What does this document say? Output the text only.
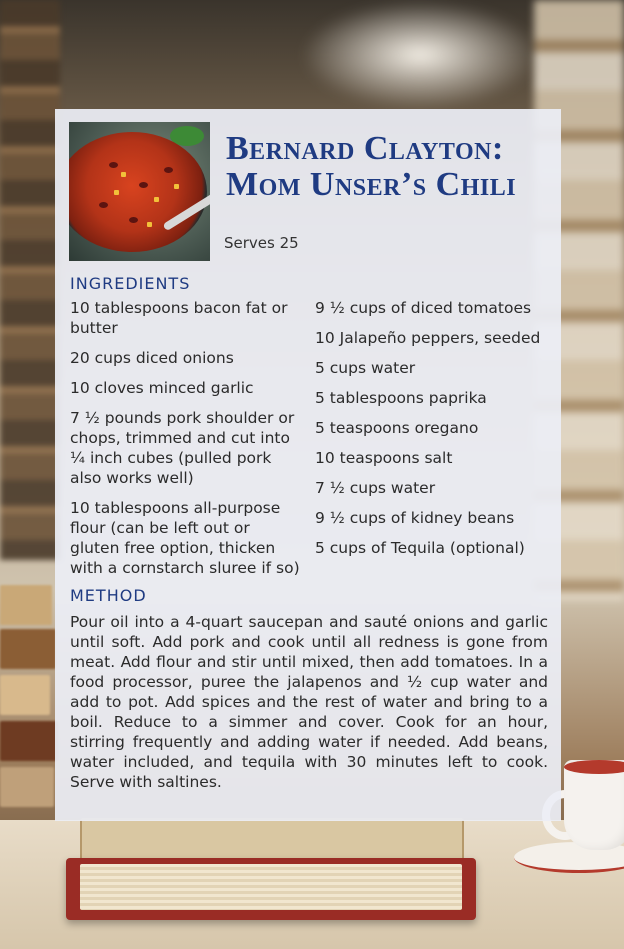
Bernard Clayton: Mom Unser’s Chili
Serves 25
INGREDIENTS
10 tablespoons bacon fat or butter
20 cups diced onions
10 cloves minced garlic
7 ½ pounds pork shoulder or chops, trimmed and cut into ¼ inch cubes (pulled pork also works well)
10 tablespoons all-purpose flour (can be left out or gluten free option, thicken with a cornstarch sluree if so)
9 ½ cups of diced tomatoes
10 Jalapeño peppers, seeded
5 cups water
5 tablespoons paprika
5 teaspoons oregano
10 teaspoons salt
7 ½ cups water
9 ½ cups of kidney beans
5 cups of Tequila (optional)
METHOD

Pour oil into a 4-quart saucepan and sauté onions and garlic until soft. Add pork and cook until all redness is gone from meat. Add flour and stir until mixed, then add tomatoes. In a food processor, puree the jalapenos and ½ cup water and add to pot. Add spices and the rest of water and bring to a boil. Reduce to a simmer and cover. Cook for an hour, stirring frequently and adding water if needed. Add beans, water included, and tequila with 30 minutes left to cook. Serve with saltines.
